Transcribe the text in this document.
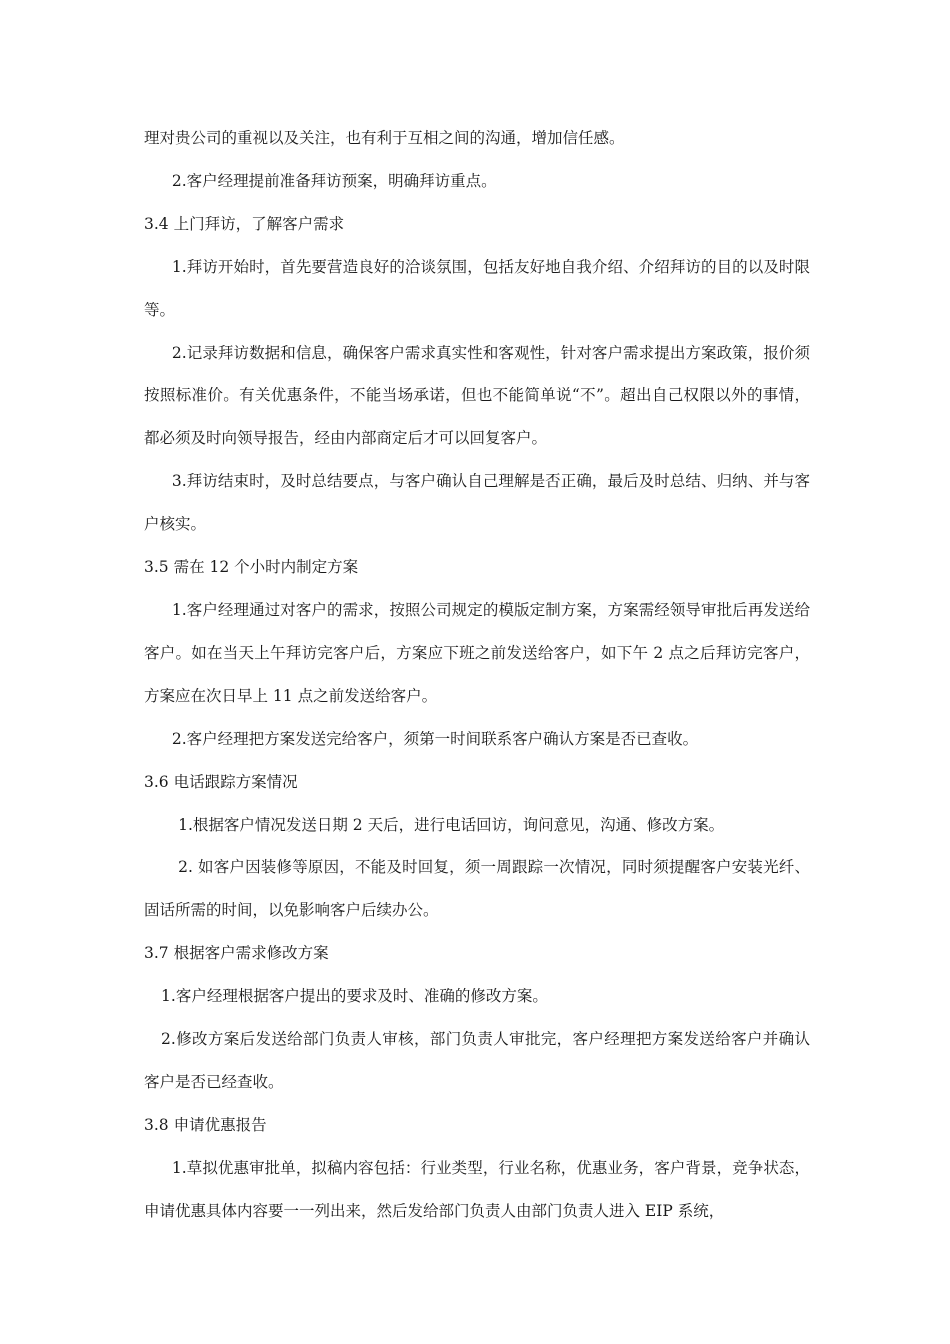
理对贵公司的重视以及关注，也有利于互相之间的沟通，增加信任感。

2.客户经理提前准备拜访预案，明确拜访重点。

3.4 上门拜访，了解客户需求

1.拜访开始时，首先要营造良好的洽谈氛围，包括友好地自我介绍、介绍拜访的目的以及时限等。

2.记录拜访数据和信息，确保客户需求真实性和客观性，针对客户需求提出方案政策，报价须按照标准价。有关优惠条件，不能当场承诺，但也不能简单说“不”。超出自己权限以外的事情，都必须及时向领导报告，经由内部商定后才可以回复客户。

3.拜访结束时，及时总结要点，与客户确认自己理解是否正确，最后及时总结、归纳、并与客户核实。

3.5 需在 12 个小时内制定方案

1.客户经理通过对客户的需求，按照公司规定的模版定制方案，方案需经领导审批后再发送给客户。如在当天上午拜访完客户后，方案应下班之前发送给客户，如下午 2 点之后拜访完客户，方案应在次日早上 11 点之前发送给客户。

2.客户经理把方案发送完给客户，须第一时间联系客户确认方案是否已查收。

3.6 电话跟踪方案情况

1.根据客户情况发送日期 2 天后，进行电话回访，询问意见，沟通、修改方案。

2. 如客户因装修等原因，不能及时回复，须一周跟踪一次情况，同时须提醒客户安装光纤、固话所需的时间，以免影响客户后续办公。

3.7 根据客户需求修改方案

1.客户经理根据客户提出的要求及时、准确的修改方案。

2.修改方案后发送给部门负责人审核，部门负责人审批完，客户经理把方案发送给客户并确认客户是否已经查收。

3.8 申请优惠报告

1.草拟优惠审批单，拟稿内容包括：行业类型，行业名称，优惠业务，客户背景，竞争状态，申请优惠具体内容要一一列出来，然后发给部门负责人由部门负责人进入 EIP 系统，
